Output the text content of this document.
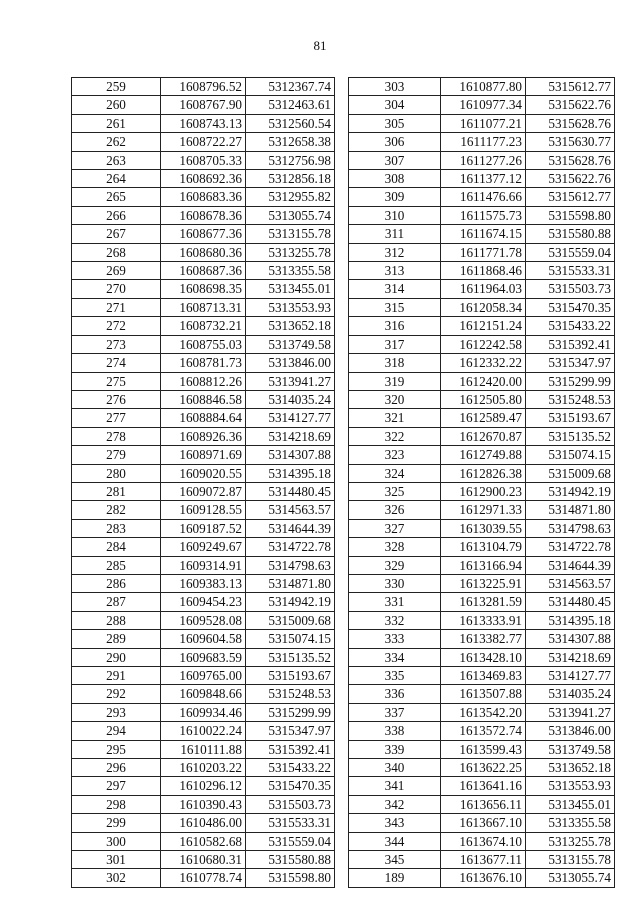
81
259	1608796.52	5312367.74
260	1608767.90	5312463.61
261	1608743.13	5312560.54
262	1608722.27	5312658.38
263	1608705.33	5312756.98
264	1608692.36	5312856.18
265	1608683.36	5312955.82
266	1608678.36	5313055.74
267	1608677.36	5313155.78
268	1608680.36	5313255.78
269	1608687.36	5313355.58
270	1608698.35	5313455.01
271	1608713.31	5313553.93
272	1608732.21	5313652.18
273	1608755.03	5313749.58
274	1608781.73	5313846.00
275	1608812.26	5313941.27
276	1608846.58	5314035.24
277	1608884.64	5314127.77
278	1608926.36	5314218.69
279	1608971.69	5314307.88
280	1609020.55	5314395.18
281	1609072.87	5314480.45
282	1609128.55	5314563.57
283	1609187.52	5314644.39
284	1609249.67	5314722.78
285	1609314.91	5314798.63
286	1609383.13	5314871.80
287	1609454.23	5314942.19
288	1609528.08	5315009.68
289	1609604.58	5315074.15
290	1609683.59	5315135.52
291	1609765.00	5315193.67
292	1609848.66	5315248.53
293	1609934.46	5315299.99
294	1610022.24	5315347.97
295	1610111.88	5315392.41
296	1610203.22	5315433.22
297	1610296.12	5315470.35
298	1610390.43	5315503.73
299	1610486.00	5315533.31
300	1610582.68	5315559.04
301	1610680.31	5315580.88
302	1610778.74	5315598.80
303	1610877.80	5315612.77
304	1610977.34	5315622.76
305	1611077.21	5315628.76
306	1611177.23	5315630.77
307	1611277.26	5315628.76
308	1611377.12	5315622.76
309	1611476.66	5315612.77
310	1611575.73	5315598.80
311	1611674.15	5315580.88
312	1611771.78	5315559.04
313	1611868.46	5315533.31
314	1611964.03	5315503.73
315	1612058.34	5315470.35
316	1612151.24	5315433.22
317	1612242.58	5315392.41
318	1612332.22	5315347.97
319	1612420.00	5315299.99
320	1612505.80	5315248.53
321	1612589.47	5315193.67
322	1612670.87	5315135.52
323	1612749.88	5315074.15
324	1612826.38	5315009.68
325	1612900.23	5314942.19
326	1612971.33	5314871.80
327	1613039.55	5314798.63
328	1613104.79	5314722.78
329	1613166.94	5314644.39
330	1613225.91	5314563.57
331	1613281.59	5314480.45
332	1613333.91	5314395.18
333	1613382.77	5314307.88
334	1613428.10	5314218.69
335	1613469.83	5314127.77
336	1613507.88	5314035.24
337	1613542.20	5313941.27
338	1613572.74	5313846.00
339	1613599.43	5313749.58
340	1613622.25	5313652.18
341	1613641.16	5313553.93
342	1613656.11	5313455.01
343	1613667.10	5313355.58
344	1613674.10	5313255.78
345	1613677.11	5313155.78
189	1613676.10	5313055.74
